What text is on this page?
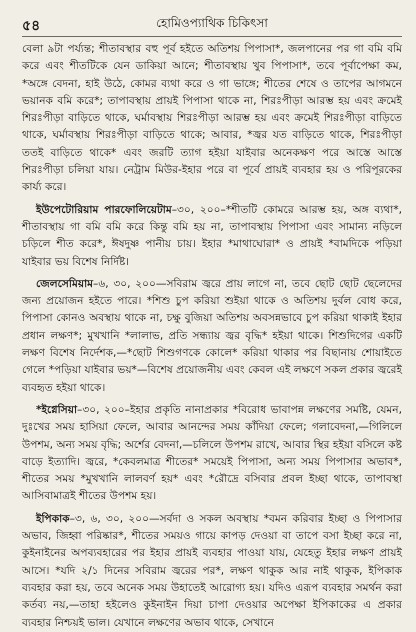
৫৪	হোমিওপ্যাথিক চিকিৎসা

বেলা ৯টা পর্য্যন্ত; শীতাবস্থার বহু পূর্ব হইতে অতিশয় পিপাসা*, জলপানের পর গা বমি বমি করে এবং শীতটিকে যেন ডাকিয়া আনে; শীতাবস্থায় খুব পিপাসা*, তবে পূর্বাপেক্ষা কম, *অঙ্গে বেদনা, হাই উঠে, কোমর ব্যথা করে ও গা ভাঙ্গে; শীতের শেষে ও তাপের আগমনে ভয়ানক বমি করে*; তাপাবস্থায় প্রায়ই পিপাসা থাকে না, শিরঃপীড়া আরম্ভ হয় এবং ক্রমেই শিরঃপীড়া বাড়িতে থাকে, ঘর্মাবস্থায় শিরঃপীড়া আরম্ভ হয় এবং ক্রমেই শিরঃপীড়া বাড়িতে থাকে, ঘর্মাবস্থায় শিরঃপীড়া বাড়িতে থাকে; আবার, *জ্বর যত বাড়িতে থাকে, শিরঃপীড়া ততই বাড়িতে থাকে* এবং জরটি ত্যাগ হইয়া যাইবার অনেকক্ষণ পরে আস্তে আস্তে শিরঃপীড়া চলিয়া যায়। নেট্রাম মিউর-ইহার পরে বা পূর্বে প্রায়ই ব্যবহার হয় ও পরিপূরকের কার্য্য করে।

ইউপেটোরিয়াম পারফোলিয়েটাম–৩০, ২০০–*শীতটি কোমরে আরম্ভ হয়, অঙ্গ ব্যথা*, শীতাবস্থায় গা বমি বমি করে কিন্তু বমি হয় না, তাপাবস্থায় পিপাসা এবং সামান্য নড়িলে চড়িলে শীত করে*, ঈষদুষ্ণ পানীয় চায়। ইহার *মাথাঘোরা* ও প্রায়ই *বামদিকে পড়িয়া যাইবার ভয় বিশেষ নির্দিষ্ট।

জেলসেমিয়াম–৬, ৩০, ২০০—সবিরাম জ্বরে প্রায় লাগে না, তবে ছোট ছোট ছেলেদের জন্য প্রয়োজন হইতে পারে। *শিশু চুপ করিয়া শুইয়া থাকে ও অতিশয় দুর্বল বোধ করে, পিপাসা কোনও অবস্থায় থাকে না, চক্ষু বুজিয়া অতিশয় অবসন্নভাবে চুপ করিয়া থাকাই ইহার প্রধান লক্ষণ*; মুখখানি *লালাভ, প্রতি সন্ধ্যায় জ্বর বৃদ্ধি* হইয়া থাকে। শিশুদিগের একটি লক্ষণ বিশেষ নির্দেশক,—*ছোট শিশুগণকে কোলে* করিয়া থাকার পর বিছানায় শোয়াইতে গেলে *পড়িয়া যাইবার ভয়*—বিশেষ প্রয়োজনীয় এবং কেবল এই লক্ষণে সকল প্রকার জ্বরেই ব্যবহৃত হইয়া থাকে।

*ইগ্নেসিয়া–৩০, ২০০–ইহার প্রকৃতি নানাপ্রকার *বিরোধ ভাবাপন্ন লক্ষণের সমষ্টি, যেমন, দুঃখের সময় হাসিয়া ফেলে, আবার আনন্দের সময় কাঁদিয়া ফেলে; গলাবেদনা,—গিলিলে উপশম, অন্য সময় বৃদ্ধি; অর্শের বেদনা,—চলিলে উপশম রাখে, আবার স্থির হইয়া বসিলে কষ্ট বাড়ে ইত্যাদি। জ্বরে, *কেবলমাত্র শীতের* সময়েই পিপাসা, অন্য সময় পিপাসার অভাব*, শীতের সময় *মুখখানি লালবর্ণ হয়* এবং *রৌদ্রে বসিবার প্রবল ইচ্ছা থাকে, তাপাবস্থা আসিবামাত্রই শীতের উপশম হয়।

ইপিকাক–৩, ৬, ৩০, ২০০—সর্বদা ও সকল অবস্থায় *বমন করিবার ইচ্ছা ও পিপাসার অভাব, জিহ্বা পরিষ্কার*, শীতের সময়ও গায়ে কাপড় দেওয়া বা তাপে বসা ইচ্ছা করে না, কুইনাইনের অপব্যবহারের পর ইহার প্রায়ই ব্যবহার পাওয়া যায়, যেহেতু ইহার লক্ষণ প্রায়ই আসে। *যদি ২/১ দিনের সবিরাম জ্বরের পর*, লক্ষণ থাকুক আর নাই থাকুক, ইপিকাক ব্যবহার করা হয়, তবে অনেক সময় উহাতেই আরোগ্য হয়। যদিও এরূপ ব্যবহার সমর্থন করা কর্তব্য নয়,—তাহা হইলেও কুইনাইন দিয়া চাপা দেওয়ার অপেক্ষা ইপিকাকের এ প্রকার ব্যবহার নিশ্চয়ই ভাল। যেখানে লক্ষণের অভাব থাকে, সেখানে
